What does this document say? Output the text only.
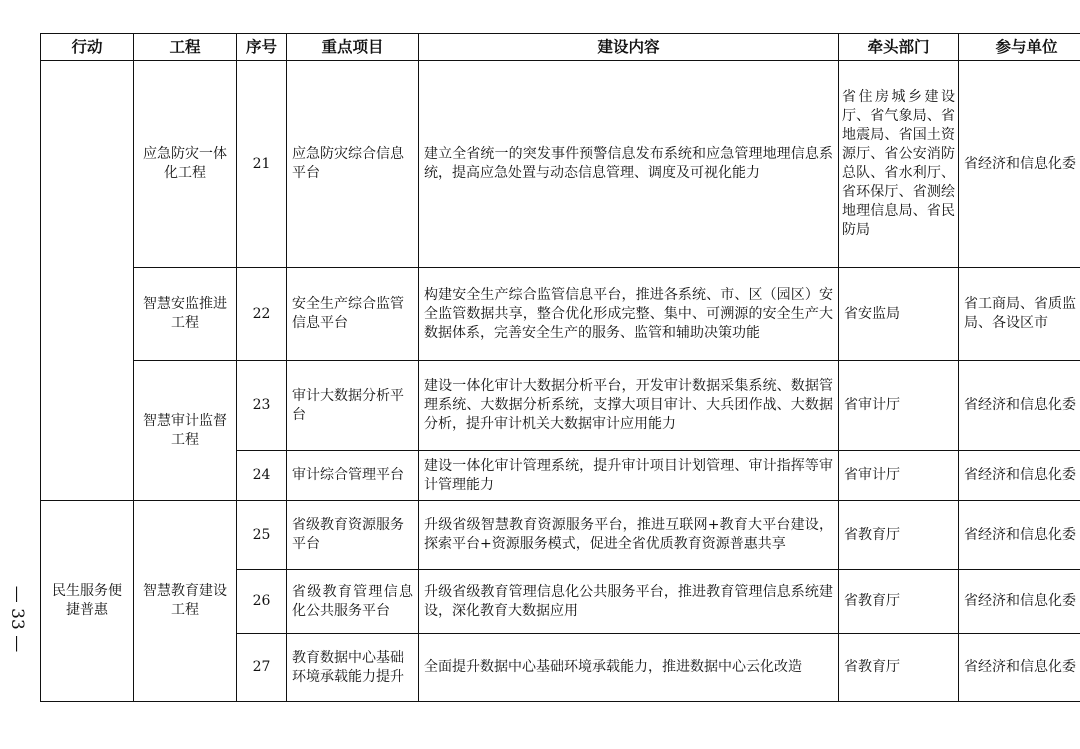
— 33 —
行动	工程	序号	重点项目	建设内容	牵头部门	参与单位
	应急防灾一体化工程	21	应急防灾综合信息平台	建立全省统一的突发事件预警信息发布系统和应急管理地理信息系统，提高应急处置与动态信息管理、调度及可视化能力	省住房城乡建设厅、省气象局、省地震局、省国土资源厅、省公安消防总队、省水利厅、省环保厅、省测绘地理信息局、省民防局	省经济和信息化委
	智慧安监推进工程	22	安全生产综合监管信息平台	构建安全生产综合监管信息平台，推进各系统、市、区（园区）安全监管数据共享，整合优化形成完整、集中、可溯源的安全生产大数据体系，完善安全生产的服务、监管和辅助决策功能	省安监局	省工商局、省质监局、各设区市
	智慧审计监督工程	23	审计大数据分析平台	建设一体化审计大数据分析平台，开发审计数据采集系统、数据管理系统、大数据分析系统，支撑大项目审计、大兵团作战、大数据分析，提升审计机关大数据审计应用能力	省审计厅	省经济和信息化委
		24	审计综合管理平台	建设一体化审计管理系统，提升审计项目计划管理、审计指挥等审计管理能力	省审计厅	省经济和信息化委
民生服务便捷普惠	智慧教育建设工程	25	省级教育资源服务平台	升级省级智慧教育资源服务平台，推进互联网+教育大平台建设，探索平台+资源服务模式，促进全省优质教育资源普惠共享	省教育厅	省经济和信息化委
		26	省级教育管理信息化公共服务平台	升级省级教育管理信息化公共服务平台，推进教育管理信息系统建设，深化教育大数据应用	省教育厅	省经济和信息化委
		27	教育数据中心基础环境承载能力提升	全面提升数据中心基础环境承载能力，推进数据中心云化改造	省教育厅	省经济和信息化委
